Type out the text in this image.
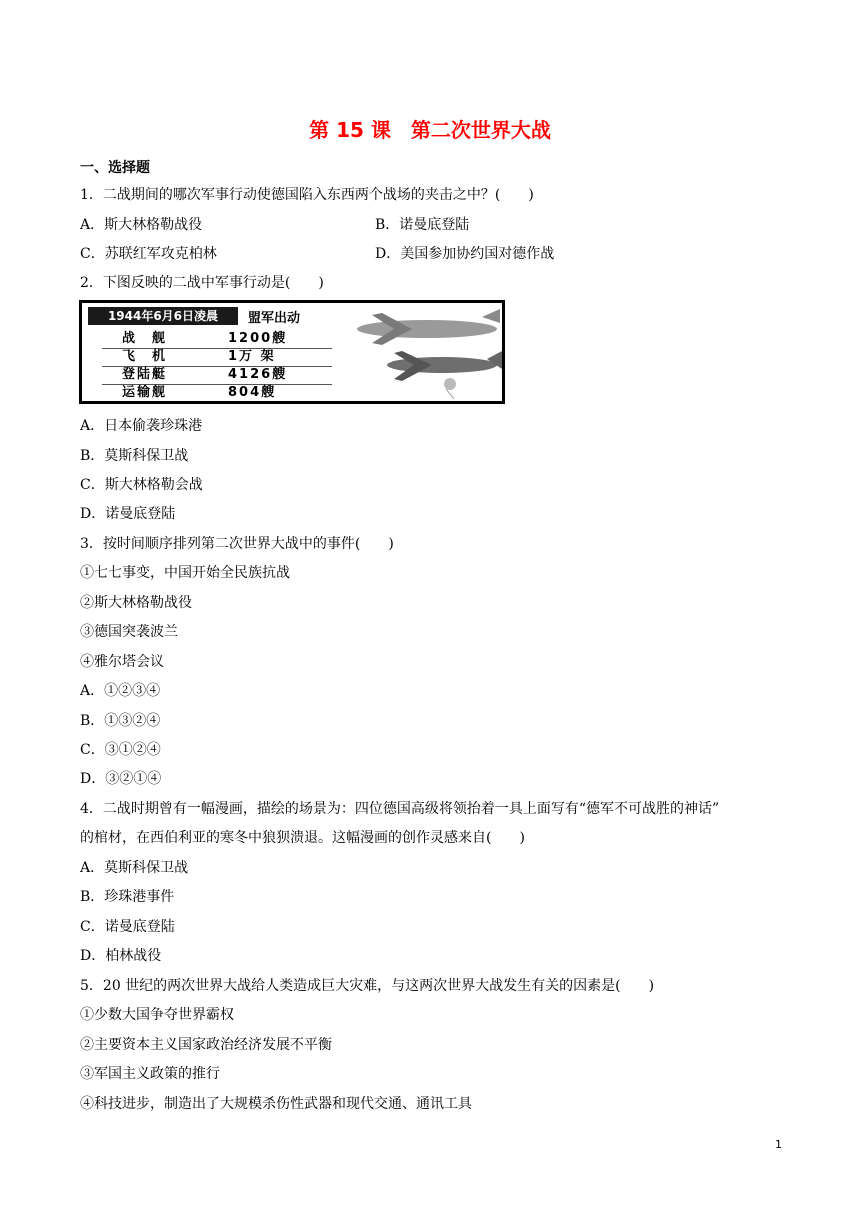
第 15 课　第二次世界大战
一、选择题
1．二战期间的哪次军事行动使德国陷入东西两个战场的夹击之中？(　　)
A．斯大林格勒战役	B．诺曼底登陆
C．苏联红军攻克柏林	D．美国参加协约国对德作战
2．下图反映的二战中军事行动是(　　)
1944年6月6日凌晨	盟军出动
战　舰	1200艘
飞　机	1万 架
登陆艇	4126艘
运输舰	804艘
A．日本偷袭珍珠港
B．莫斯科保卫战
C．斯大林格勒会战
D．诺曼底登陆
3．按时间顺序排列第二次世界大战中的事件(　　)
①七七事变，中国开始全民族抗战
②斯大林格勒战役
③德国突袭波兰
④雅尔塔会议
A．①②③④
B．①③②④
C．③①②④
D．③②①④
4．二战时期曾有一幅漫画，描绘的场景为：四位德国高级将领抬着一具上面写有“德军不可战胜的神话”
的棺材，在西伯利亚的寒冬中狼狈溃退。这幅漫画的创作灵感来自(　　)
A．莫斯科保卫战
B．珍珠港事件
C．诺曼底登陆
D．柏林战役
5．20 世纪的两次世界大战给人类造成巨大灾难，与这两次世界大战发生有关的因素是(　　)
①少数大国争夺世界霸权
②主要资本主义国家政治经济发展不平衡
③军国主义政策的推行
④科技进步，制造出了大规模杀伤性武器和现代交通、通讯工具
1
